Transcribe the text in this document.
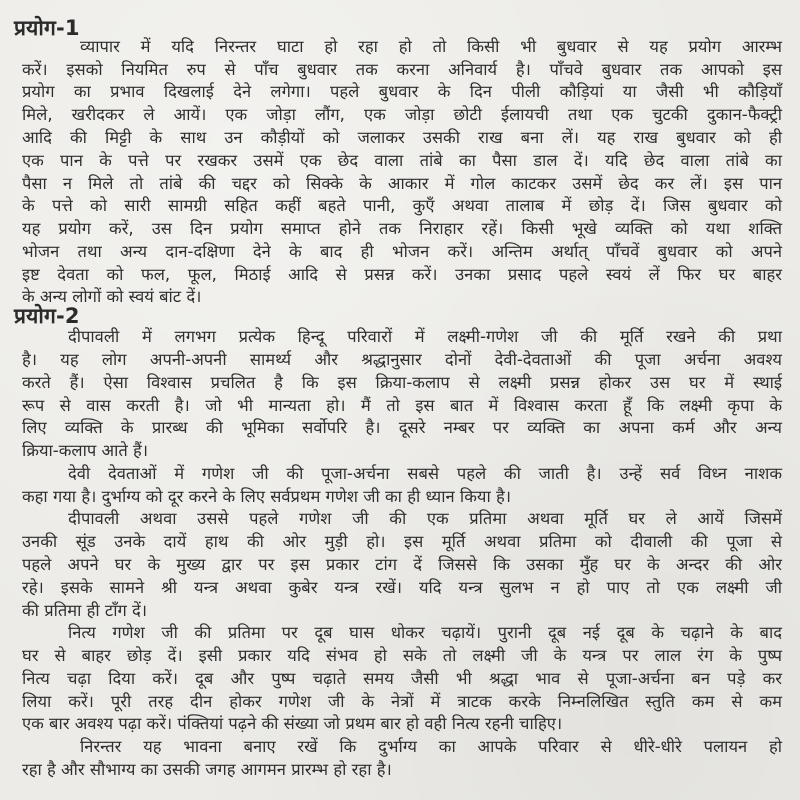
प्रयोग-1
व्यापार में यदि निरन्तर घाटा हो रहा हो तो किसी भी बुधवार से यह प्रयोग आरम्भ
करें। इसको नियमित रुप से पाँच बुधवार तक करना अनिवार्य है। पाँचवे बुधवार तक आपको इस
प्रयोग का प्रभाव दिखलाई देने लगेगा। पहले बुधवार के दिन पीली कौड़ियां या जैसी भी कौड़ियाँ
मिले, खरीदकर ले आयें। एक जोड़ा लौंग, एक जोड़ा छोटी ईलायची तथा एक चुटकी दुकान-फैक्ट्री
आदि की मिट्टी के साथ उन कौड़ीयों को जलाकर उसकी राख बना लें। यह राख बुधवार को ही
एक पान के पत्ते पर रखकर उसमें एक छेद वाला तांबे का पैसा डाल दें। यदि छेद वाला तांबे का
पैसा न मिले तो तांबे की चद्दर को सिक्के के आकार में गोल काटकर उसमें छेद कर लें। इस पान
के पत्ते को सारी सामग्री सहित कहीं बहते पानी, कुएँ अथवा तालाब में छोड़ दें। जिस बुधवार को
यह प्रयोग करें, उस दिन प्रयोग समाप्त होने तक निराहार रहें। किसी भूखे व्यक्ति को यथा शक्ति
भोजन तथा अन्य दान-दक्षिणा देने के बाद ही भोजन करें। अन्तिम अर्थात् पाँचवें बुधवार को अपने
इष्ट देवता को फल, फूल, मिठाई आदि से प्रसन्न करें। उनका प्रसाद पहले स्वयं लें फिर घर बाहर
के अन्य लोगों को स्वयं बांट दें।
प्रयोग-2
दीपावली में लगभग प्रत्येक हिन्दू परिवारों में लक्ष्मी-गणेश जी की मूर्ति रखने की प्रथा
है। यह लोग अपनी-अपनी सामर्थ्य और श्रद्धानुसार दोनों देवी-देवताओं की पूजा अर्चना अवश्य
करते हैं। ऐसा विश्वास प्रचलित है कि इस क्रिया-कलाप से लक्ष्मी प्रसन्न होकर उस घर में स्थाई
रूप से वास करती है। जो भी मान्यता हो। मैं तो इस बात में विश्वास करता हूँ कि लक्ष्मी कृपा के
लिए व्यक्ति के प्रारब्ध की भूमिका सर्वोपरि है। दूसरे नम्बर पर व्यक्ति का अपना कर्म और अन्य
क्रिया-कलाप आते हैं।
देवी देवताओं में गणेश जी की पूजा-अर्चना सबसे पहले की जाती है। उन्हें सर्व विध्न नाशक
कहा गया है। दुर्भाग्य को दूर करने के लिए सर्वप्रथम गणेश जी का ही ध्यान किया है।
दीपावली अथवा उससे पहले गणेश जी की एक प्रतिमा अथवा मूर्ति घर ले आयें जिसमें
उनकी सूंड उनके दायें हाथ की ओर मुड़ी हो। इस मूर्ति अथवा प्रतिमा को दीवाली की पूजा से
पहले अपने घर के मुख्य द्वार पर इस प्रकार टांग दें जिससे कि उसका मुँह घर के अन्दर की ओर
रहे। इसके सामने श्री यन्त्र अथवा कुबेर यन्त्र रखें। यदि यन्त्र सुलभ न हो पाए तो एक लक्ष्मी जी
की प्रतिमा ही टाँग दें।
नित्य गणेश जी की प्रतिमा पर दूब घास धोकर चढ़ायें। पुरानी दूब नई दूब के चढ़ाने के बाद
घर से बाहर छोड़ दें। इसी प्रकार यदि संभव हो सके तो लक्ष्मी जी के यन्त्र पर लाल रंग के पुष्प
नित्य चढ़ा दिया करें। दूब और पुष्प चढ़ाते समय जैसी भी श्रद्धा भाव से पूजा-अर्चना बन पड़े कर
लिया करें। पूरी तरह दीन होकर गणेश जी के नेत्रों में त्राटक करके निम्नलिखित स्तुति कम से कम
एक बार अवश्य पढ़ा करें। पंक्तियां पढ़ने की संख्या जो प्रथम बार हो वही नित्य रहनी चाहिए।
निरन्तर यह भावना बनाए रखें कि दुर्भाग्य का आपके परिवार से धीरे-धीरे पलायन हो
रहा है और सौभाग्य का उसकी जगह आगमन प्रारम्भ हो रहा है।
